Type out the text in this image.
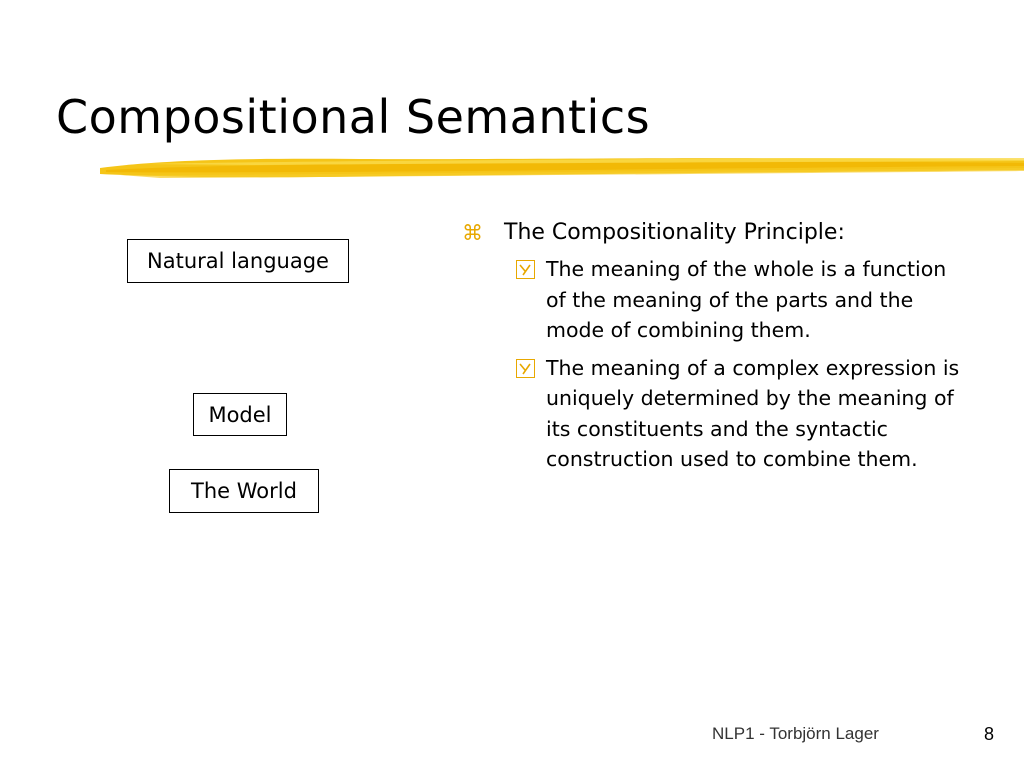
Compositional Semantics
Natural language
Model
The World
⌘ The Compositionality Principle:
The meaning of the whole is a function of the meaning of the parts and the mode of combining them.
The meaning of a complex expression is uniquely determined by the meaning of its constituents and the syntactic construction used to combine them.
NLP1 - Torbjörn Lager	8
